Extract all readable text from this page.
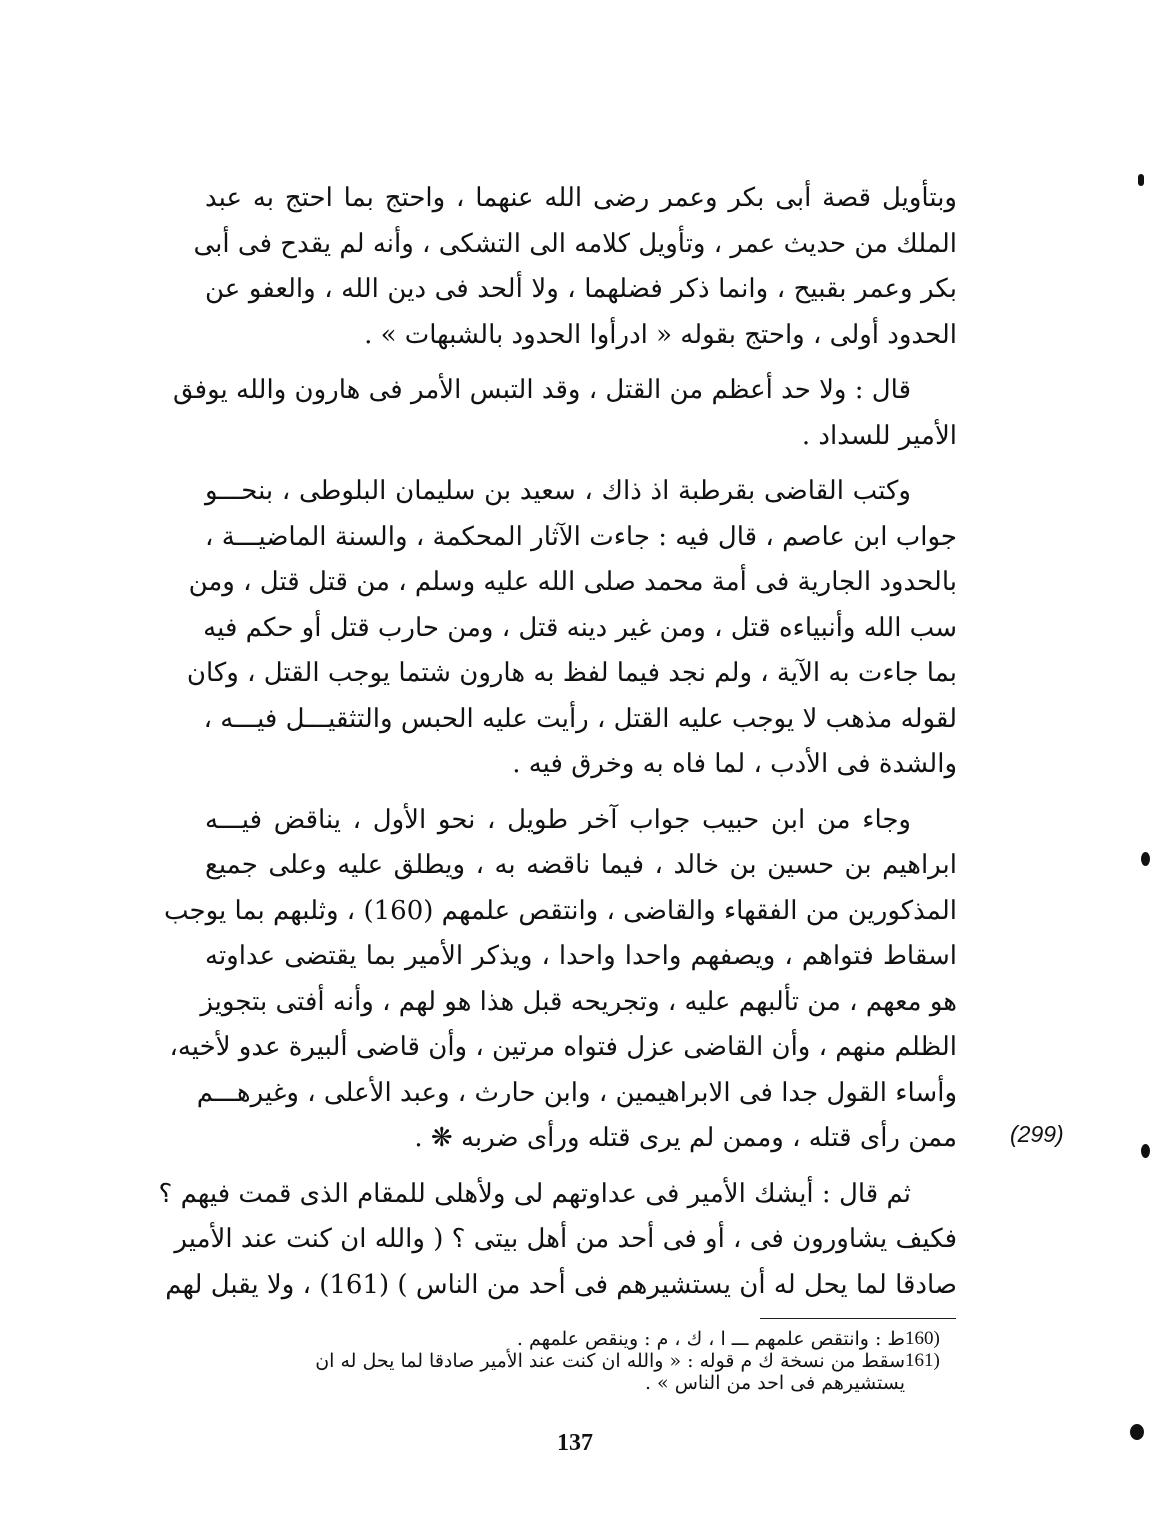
وبتأويل قصة أبى بكر وعمر رضى الله عنهما ، واحتج بما احتج به عبد
الملك من حديث عمر ، وتأويل كلامه الى التشكى ، وأنه لم يقدح فى أبى
بكر وعمر بقبيح ، وانما ذكر فضلهما ، ولا ألحد فى دين الله ، والعفو عن
الحدود أولى ، واحتج بقوله « ادرأوا الحدود بالشبهات » .

قال : ولا حد أعظم من القتل ، وقد التبس الأمر فى هارون والله يوفق
الأمير للسداد .

وكتب القاضى بقرطبة اذ ذاك ، سعيد بن سليمان البلوطى ، بنحـــو
جواب ابن عاصم ، قال فيه : جاءت الآثار المحكمة ، والسنة الماضيـــة ،
بالحدود الجارية فى أمة محمد صلى الله عليه وسلم ، من قتل قتل ، ومن
سب الله وأنبياءه قتل ، ومن غير دينه قتل ، ومن حارب قتل أو حكم فيه
بما جاءت به الآية ، ولم نجد فيما لفظ به هارون شتما يوجب القتل ، وكان
لقوله مذهب لا يوجب عليه القتل ، رأيت عليه الحبس والتثقيـــل فيـــه ،
والشدة فى الأدب ، لما فاه به وخرق فيه .

وجاء من ابن حبيب جواب آخر طويل ، نحو الأول ، يناقض فيـــه
ابراهيم بن حسين بن خالد ، فيما ناقضه به ، ويطلق عليه وعلى جميع
المذكورين من الفقهاء والقاضى ، وانتقص علمهم (160) ، وثلبهم بما يوجب
اسقاط فتواهم ، ويصفهم واحدا واحدا ، ويذكر الأمير بما يقتضى عداوته
هو معهم ، من تألبهم عليه ، وتجريحه قبل هذا هو لهم ، وأنه أفتى بتجويز
الظلم منهم ، وأن القاضى عزل فتواه مرتين ، وأن قاضى ألبيرة عدو لأخيه،
وأساء القول جدا فى الابراهيمين ، وابن حارث ، وعبد الأعلى ، وغيرهـــم
ممن رأى قتله ، وممن لم يرى قتله ورأى ضربه ❋ .

ثم قال : أيشك الأمير فى عداوتهم لى ولأهلى للمقام الذى قمت فيهم ؟
فكيف يشاورون فى ، أو فى أحد من أهل بيتى ؟ ( والله ان كنت عند الأمير
صادقا لما يحل له أن يستشيرهم فى أحد من الناس ) (161) ، ولا يقبل لهم

(299)
160)
ط : وانتقص علمهم ـــ ا ، ك ، م : وينقص علمهم .
161)
سقط من نسخة ك م قوله : « والله ان كنت عند الأمير صادقا لما يحل له ان
يستشيرهم فى احد من الناس » .
137
